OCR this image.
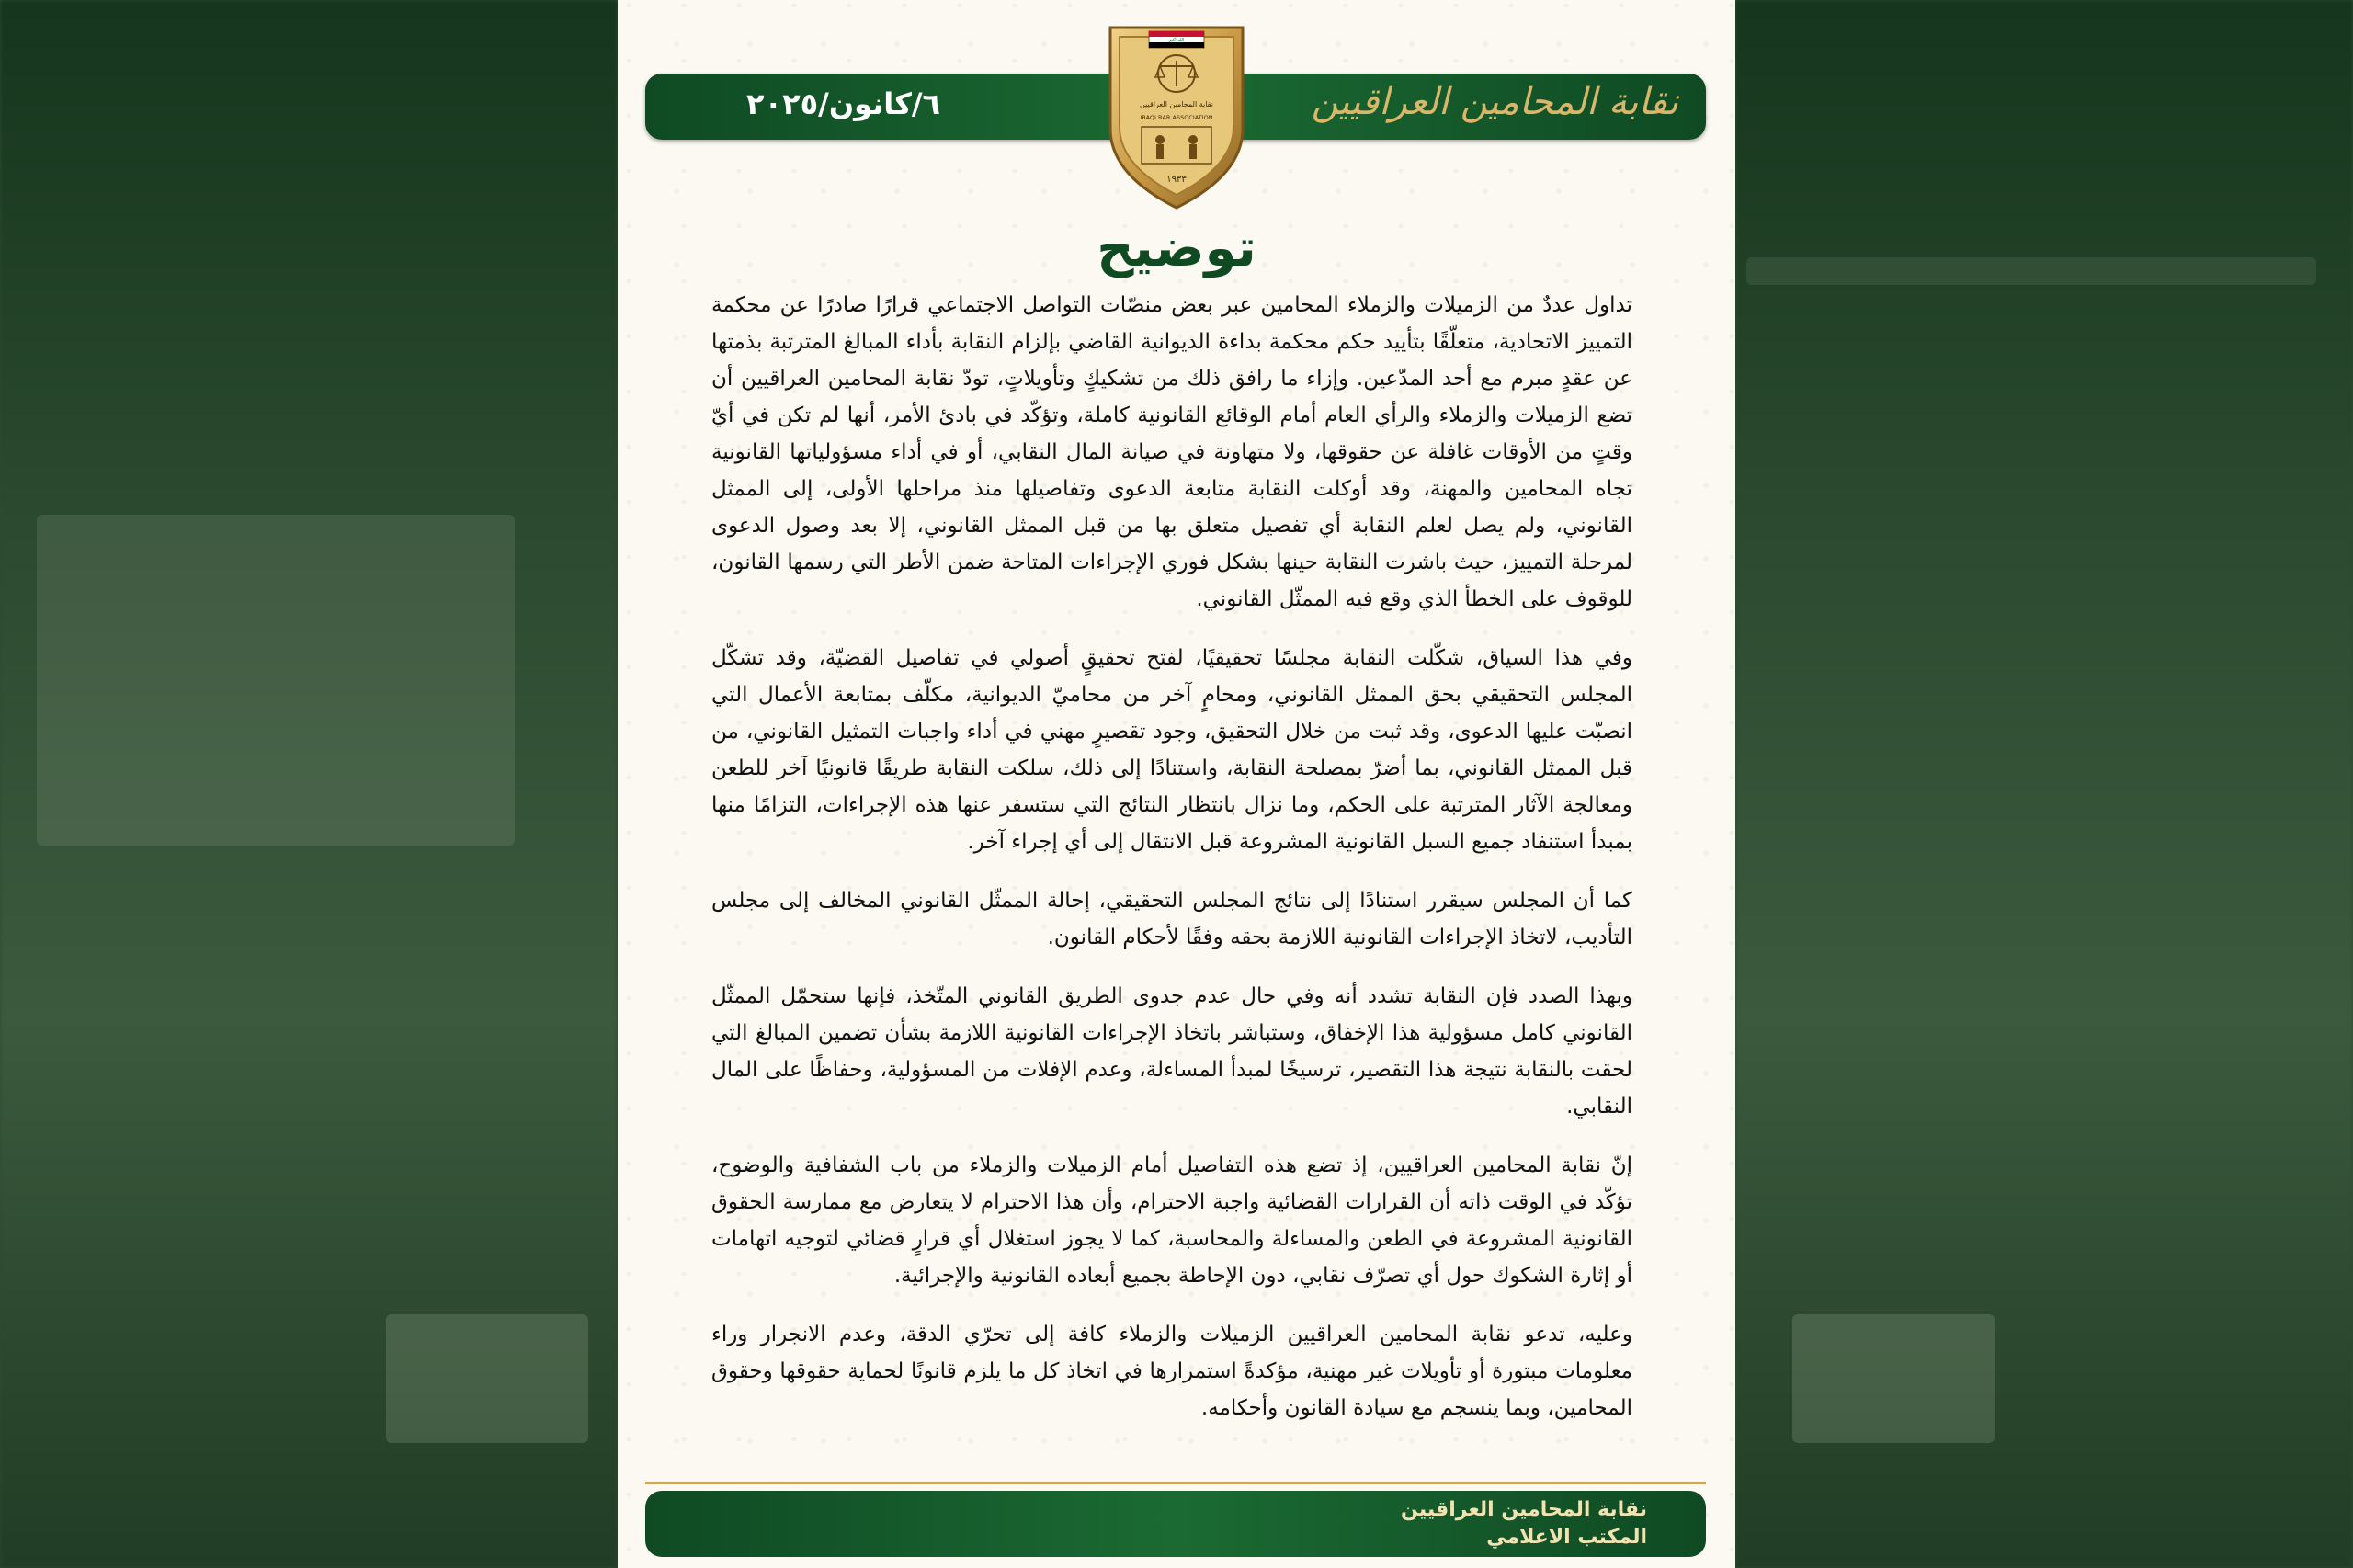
٦/كانون/٢٠٢٥	نقابة المحامين العراقيين
الله أكبر
نقابة المحامين العراقيين
IRAQI BAR ASSOCIATION
١٩٣٣
توضيح

تداول عددٌ من الزميلات والزملاء المحامين عبر بعض منصّات التواصل الاجتماعي قرارًا صادرًا عن محكمة التمييز الاتحادية، متعلّقًا بتأييد حكم محكمة بداءة الديوانية القاضي بإلزام النقابة بأداء المبالغ المترتبة بذمتها عن عقدٍ مبرم مع أحد المدّعين. وإزاء ما رافق ذلك من تشكيكٍ وتأويلاتٍ، تودّ نقابة المحامين العراقيين أن تضع الزميلات والزملاء والرأي العام أمام الوقائع القانونية كاملة، وتؤكّد في بادئ الأمر، أنها لم تكن في أيّ وقتٍ من الأوقات غافلة عن حقوقها، ولا متهاونة في صيانة المال النقابي، أو في أداء مسؤولياتها القانونية تجاه المحامين والمهنة، وقد أوكلت النقابة متابعة الدعوى وتفاصيلها منذ مراحلها الأولى، إلى الممثل القانوني، ولم يصل لعلم النقابة أي تفصيل متعلق بها من قبل الممثل القانوني، إلا بعد وصول الدعوى لمرحلة التمييز، حيث باشرت النقابة حينها بشكل فوري الإجراءات المتاحة ضمن الأطر التي رسمها القانون، للوقوف على الخطأ الذي وقع فيه الممثّل القانوني.

وفي هذا السياق، شكّلت النقابة مجلسًا تحقيقيًا، لفتح تحقيقٍ أصولي في تفاصيل القضيّة، وقد تشكّل المجلس التحقيقي بحق الممثل القانوني، ومحامٍ آخر من محاميّ الديوانية، مكلّف بمتابعة الأعمال التي انصبّت عليها الدعوى، وقد ثبت من خلال التحقيق، وجود تقصيرٍ مهني في أداء واجبات التمثيل القانوني، من قبل الممثل القانوني، بما أضرّ بمصلحة النقابة، واستنادًا إلى ذلك، سلكت النقابة طريقًا قانونيًا آخر للطعن ومعالجة الآثار المترتبة على الحكم، وما نزال بانتظار النتائج التي ستسفر عنها هذه الإجراءات، التزامًا منها بمبدأ استنفاد جميع السبل القانونية المشروعة قبل الانتقال إلى أي إجراء آخر.

كما أن المجلس سيقرر استنادًا إلى نتائج المجلس التحقيقي، إحالة الممثّل القانوني المخالف إلى مجلس التأديب، لاتخاذ الإجراءات القانونية اللازمة بحقه وفقًا لأحكام القانون.

وبهذا الصدد فإن النقابة تشدد أنه وفي حال عدم جدوى الطريق القانوني المتّخذ، فإنها ستحمّل الممثّل القانوني كامل مسؤولية هذا الإخفاق، وستباشر باتخاذ الإجراءات القانونية اللازمة بشأن تضمين المبالغ التي لحقت بالنقابة نتيجة هذا التقصير، ترسيخًا لمبدأ المساءلة، وعدم الإفلات من المسؤولية، وحفاظًا على المال النقابي.

إنّ نقابة المحامين العراقيين، إذ تضع هذه التفاصيل أمام الزميلات والزملاء من باب الشفافية والوضوح، تؤكّد في الوقت ذاته أن القرارات القضائية واجبة الاحترام، وأن هذا الاحترام لا يتعارض مع ممارسة الحقوق القانونية المشروعة في الطعن والمساءلة والمحاسبة، كما لا يجوز استغلال أي قرارٍ قضائي لتوجيه اتهامات أو إثارة الشكوك حول أي تصرّف نقابي، دون الإحاطة بجميع أبعاده القانونية والإجرائية.

وعليه، تدعو نقابة المحامين العراقيين الزميلات والزملاء كافة إلى تحرّي الدقة، وعدم الانجرار وراء معلومات مبتورة أو تأويلات غير مهنية، مؤكدةً استمرارها في اتخاذ كل ما يلزم قانونًا لحماية حقوقها وحقوق المحامين، وبما ينسجم مع سيادة القانون وأحكامه.

نقابة المحامين العراقيين
المكتب الاعلامي
